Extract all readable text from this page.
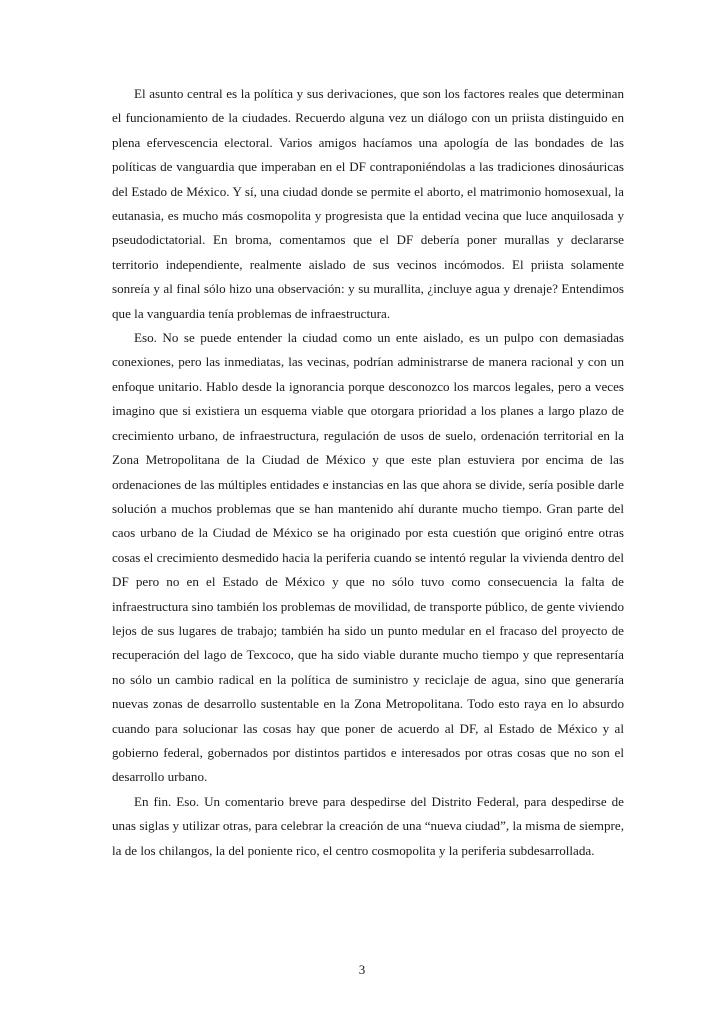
El asunto central es la política y sus derivaciones, que son los factores reales que determinan el funcionamiento de la ciudades. Recuerdo alguna vez un diálogo con un priista distinguido en plena efervescencia electoral. Varios amigos hacíamos una apología de las bondades de las políticas de vanguardia que imperaban en el DF contraponiéndolas a las tradiciones dinosáuricas del Estado de México. Y sí, una ciudad donde se permite el aborto, el matrimonio homosexual, la eutanasia, es mucho más cosmopolita y progresista que la entidad vecina que luce anquilosada y pseudodictatorial. En broma, comentamos que el DF debería poner murallas y declararse territorio independiente, realmente aislado de sus vecinos incómodos. El priista solamente sonreía y al final sólo hizo una observación: y su murallita, ¿incluye agua y drenaje? Entendimos que la vanguardia tenía problemas de infraestructura.

Eso. No se puede entender la ciudad como un ente aislado, es un pulpo con demasiadas conexiones, pero las inmediatas, las vecinas, podrían administrarse de manera racional y con un enfoque unitario. Hablo desde la ignorancia porque desconozco los marcos legales, pero a veces imagino que si existiera un esquema viable que otorgara prioridad a los planes a largo plazo de crecimiento urbano, de infraestructura, regulación de usos de suelo, ordenación territorial en la Zona Metropolitana de la Ciudad de México y que este plan estuviera por encima de las ordenaciones de las múltiples entidades e instancias en las que ahora se divide, sería posible darle solución a muchos problemas que se han mantenido ahí durante mucho tiempo. Gran parte del caos urbano de la Ciudad de México se ha originado por esta cuestión que originó entre otras cosas el crecimiento desmedido hacia la periferia cuando se intentó regular la vivienda dentro del DF pero no en el Estado de México y que no sólo tuvo como consecuencia la falta de infraestructura sino también los problemas de movilidad, de transporte público, de gente viviendo lejos de sus lugares de trabajo; también ha sido un punto medular en el fracaso del proyecto de recuperación del lago de Texcoco, que ha sido viable durante mucho tiempo y que representaría no sólo un cambio radical en la política de suministro y reciclaje de agua, sino que generaría nuevas zonas de desarrollo sustentable en la Zona Metropolitana. Todo esto raya en lo absurdo cuando para solucionar las cosas hay que poner de acuerdo al DF, al Estado de México y al gobierno federal, gobernados por distintos partidos e interesados por otras cosas que no son el desarrollo urbano.

En fin. Eso. Un comentario breve para despedirse del Distrito Federal, para despedirse de unas siglas y utilizar otras, para celebrar la creación de una “nueva ciudad”, la misma de siempre, la de los chilangos, la del poniente rico, el centro cosmopolita y la periferia subdesarrollada.

3
